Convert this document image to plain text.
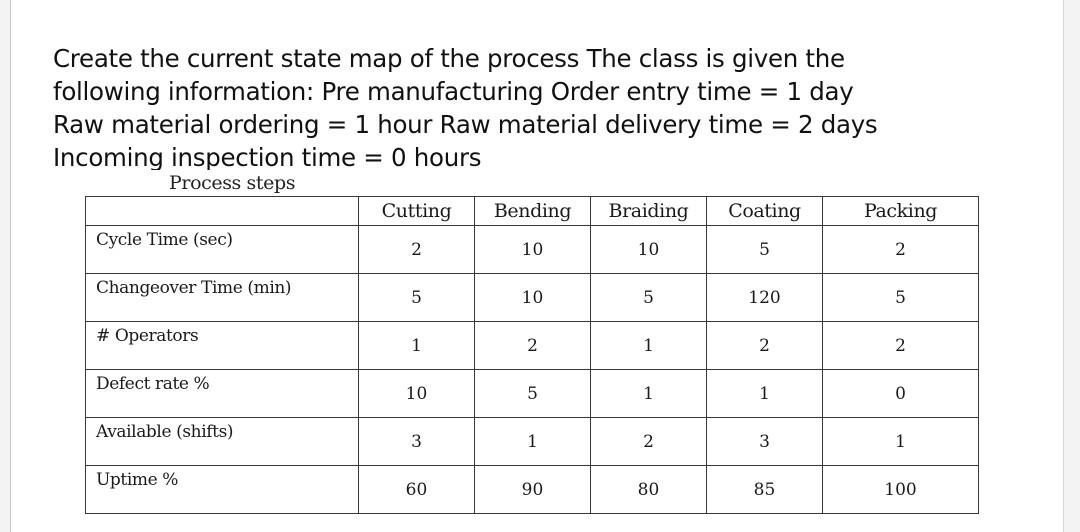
Create the current state map of the process The class is given the
following information: Pre manufacturing Order entry time = 1 day
Raw material ordering = 1 hour Raw material delivery time = 2 days
Incoming inspection time = 0 hours
Process steps
	Cutting	Bending	Braiding	Coating	Packing
Cycle Time (sec)	2	10	10	5	2
Changeover Time (min)	5	10	5	120	5
# Operators	1	2	1	2	2
Defect rate %	10	5	1	1	0
Available (shifts)	3	1	2	3	1
Uptime %	60	90	80	85	100
